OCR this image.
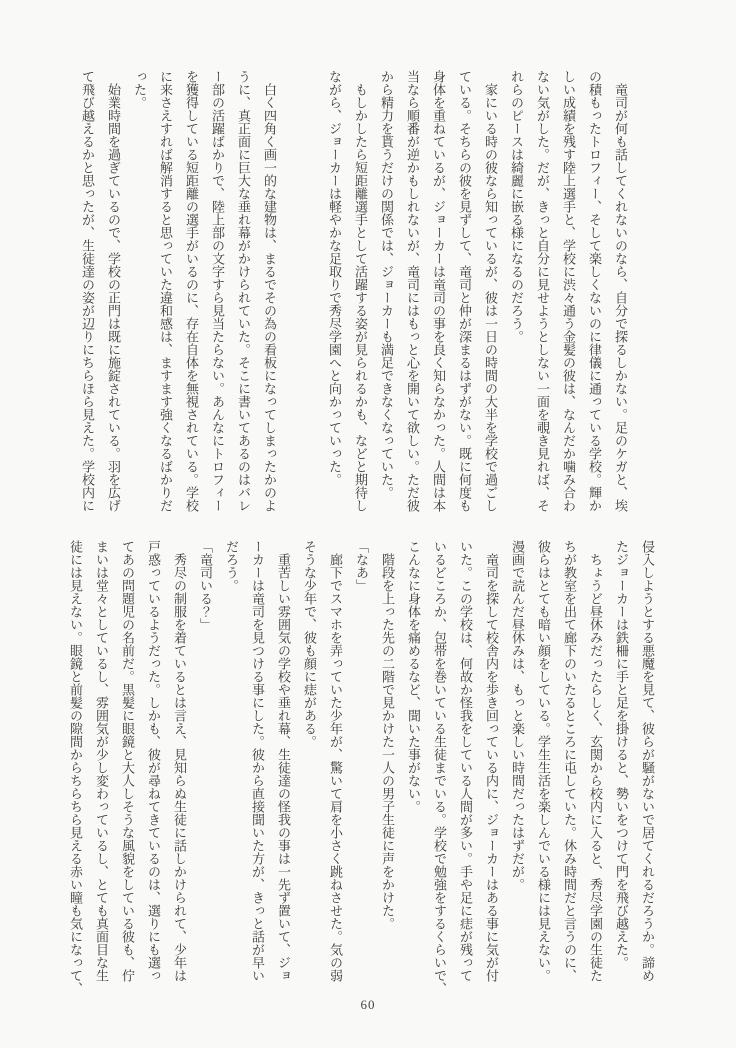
　竜司が何も話してくれないのなら、自分で探るしかない。足のケガと、埃
の積もったトロフィー、そして楽しくないのに律儀に通っている学校。輝か
しい成績を残す陸上選手と、学校に渋々通う金髪の彼は、なんだか噛み合わ
ない気がした。だが、きっと自分に見せようとしない一面を覗き見れば、そ
れらのピースは綺麗に嵌る様になるのだろう。
　家にいる時の彼なら知っているが、彼は一日の時間の大半を学校で過ごし
ている。そちらの彼を見ずして、竜司と仲が深まるはずがない。既に何度も
身体を重ねているが、ジョーカーは竜司の事を良く知らなかった。人間は本
当なら順番が逆かもしれないが、竜司にはもっと心を開いて欲しい。ただ彼
から精力を貰うだけの関係では、ジョーカーも満足できなくなっていた。
　もしかしたら短距離選手として活躍する姿が見られるかも、などと期待し
ながら、ジョーカーは軽やかな足取りで秀尽学園へと向かっていった。
　白く四角く画一的な建物は、まるでその為の看板になってしまったかのよ
うに、真正面に巨大な垂れ幕がかけられていた。そこに書いてあるのはバレ
ー部の活躍ばかりで、陸上部の文字すら見当たらない。あんなにトロフィー
を獲得している短距離の選手がいるのに、存在自体を無視されている。学校
に来さえすれば解消すると思っていた違和感は、ますます強くなるばかりだ
った。
　始業時間を過ぎているので、学校の正門は既に施錠されている。羽を広げ
て飛び越えるかと思ったが、生徒達の姿が辺りにちらほら見えた。学校内に
侵入しようとする悪魔を見て、彼らが騒がないで居てくれるだろうか。諦め
たジョーカーは鉄柵に手と足を掛けると、勢いをつけて門を飛び越えた。
　ちょうど昼休みだったらしく、玄関から校内に入ると、秀尽学園の生徒た
ちが教室を出て廊下のいたるところに屯していた。休み時間だと言うのに、
彼らはとても暗い顔をしている。学生生活を楽しんでいる様には見えない。
漫画で読んだ昼休みは、もっと楽しい時間だったはずだが。
　竜司を探して校舎内を歩き回っている内に、ジョーカーはある事に気が付
いた。この学校は、何故か怪我をしている人間が多い。手や足に痣が残って
いるどころか、包帯を巻いている生徒までいる。学校で勉強をするくらいで、
こんなに身体を痛めるなど、聞いた事がない。
　階段を上った先の二階で見かけた一人の男子生徒に声をかけた。
「なあ」
　廊下でスマホを弄っていた少年が、驚いて肩を小さく跳ねさせた。気の弱
そうな少年で、彼も顔に痣がある。
　重苦しい雰囲気の学校や垂れ幕、生徒達の怪我の事は一先ず置いて、ジョ
ーカーは竜司を見つける事にした。彼から直接聞いた方が、きっと話が早い
だろう。
「竜司いる？」
　秀尽の制服を着ているとは言え、見知らぬ生徒に話しかけられて、少年は
戸惑っているようだった。しかも、彼が尋ねてきているのは、選りにも選っ
てあの問題児の名前だ。黒髪に眼鏡と大人しそうな風貌をしている彼も、佇
まいは堂々としているし、雰囲気が少し変わっているし、とても真面目な生
徒には見えない。眼鏡と前髪の隙間からちらちら見える赤い瞳も気になって、
60
